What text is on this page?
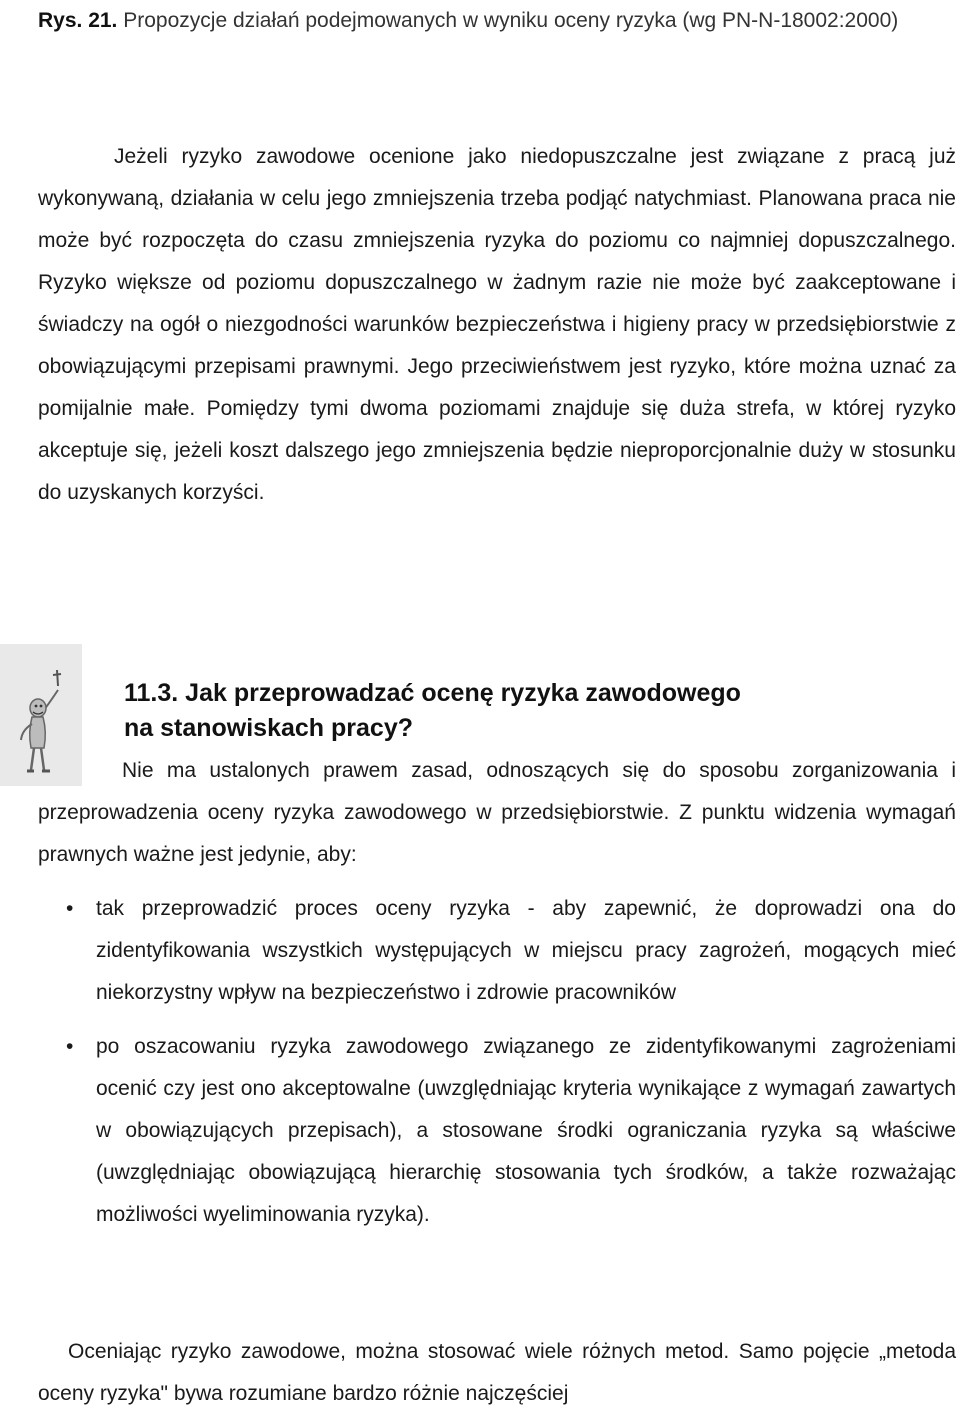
Rys. 21. Propozycje działań podejmowanych w wyniku oceny ryzyka (wg PN-N-18002:2000)

Jeżeli ryzyko zawodowe ocenione jako niedopuszczalne jest związane z pracą już wykonywaną, działania w celu jego zmniejszenia trzeba podjąć natychmiast. Planowana praca nie może być rozpoczęta do czasu zmniejszenia ryzyka do poziomu co najmniej dopuszczalnego. Ryzyko większe od poziomu dopuszczalnego w żadnym razie nie może być zaakceptowane i świadczy na ogół o niezgodności warunków bezpieczeństwa i higieny pracy w przedsiębiorstwie z obowiązującymi przepisami prawnymi. Jego przeciwieństwem jest ryzyko, które można uznać za pomijalnie małe. Pomiędzy tymi dwoma poziomami znajduje się duża strefa, w której ryzyko akceptuje się, jeżeli koszt dalszego jego zmniejszenia będzie nieproporcjonalnie duży w stosunku do uzyskanych korzyści.

11.3. Jak przeprowadzać ocenę ryzyka zawodowego
na stanowiskach pracy?

Nie ma ustalonych prawem zasad, odnoszących się do sposobu zorganizowania i przeprowadzenia oceny ryzyka zawodowego w przedsiębiorstwie. Z punktu widzenia wymagań prawnych ważne jest jedynie, aby:

• tak przeprowadzić proces oceny ryzyka - aby zapewnić, że doprowadzi ona do zidentyfikowania wszystkich występujących w miejscu pracy zagrożeń, mogących mieć niekorzystny wpływ na bezpieczeństwo i zdrowie pracowników
• po oszacowaniu ryzyka zawodowego związanego ze zidentyfikowanymi zagrożeniami ocenić czy jest ono akceptowalne (uwzględniając kryteria wynikające z wymagań zawartych w obowiązujących przepisach), a stosowane środki ograniczania ryzyka są właściwe (uwzględniając obowiązującą hierarchię stosowania tych środków, a także rozważając możliwości wyeliminowania ryzyka).

Oceniając ryzyko zawodowe, można stosować wiele różnych metod. Samo pojęcie „metoda oceny ryzyka" bywa rozumiane bardzo różnie najczęściej
